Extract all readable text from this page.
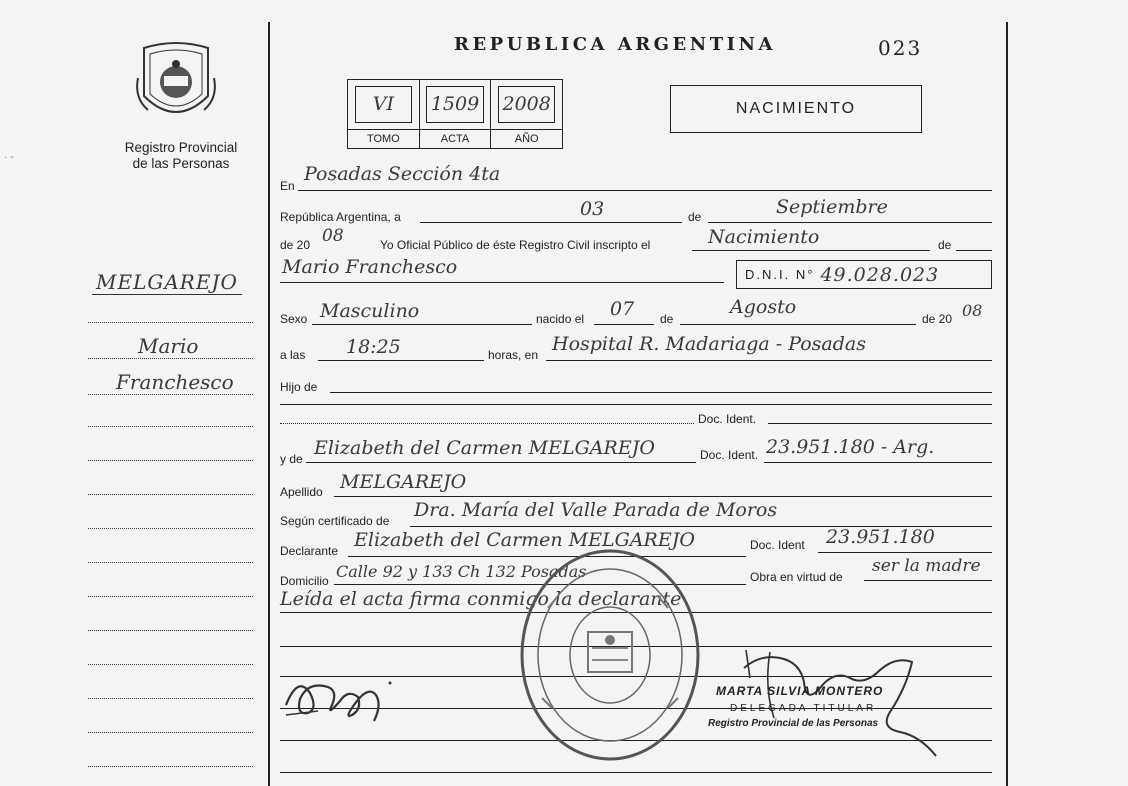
Registro Provincial
de las Personas
MELGAREJO
Mario
Franchesco
· -
REPUBLICA ARGENTINA	023
VI	1509 2008
TOMO	ACTA	AÑO
NACIMIENTO
En
Posadas Sección 4ta
República Argentina, a	03	de	Septiembre
de 20 08	Yo Oficial Público de éste Registro Civil inscripto el	Nacimiento	de
Mario Franchesco	D.N.I. N° 49.028.023
Sexo Masculino	nacido el 07 de
Agosto
de 20 08
a las 18:25	horas, en Hospital R. Madariaga - Posadas
Hijo de
Doc. Ident.
y de Elizabeth del Carmen MELGAREJO	Doc. Ident. 23.951.180 - Arg.
Apellido MELGAREJO
Según certificado de Dra. María del Valle Parada de Moros
Declarante Elizabeth del Carmen MELGAREJO	Doc. Ident 23.951.180
Domicilio Calle 92 y 133 Ch 132 Posadas	Obra en virtud de
ser la madre
Leída el acta firma conmigo la declarante
MARTA SILVIA MONTERO
DELEGADA TITULAR
Registro Provincial de las Personas
